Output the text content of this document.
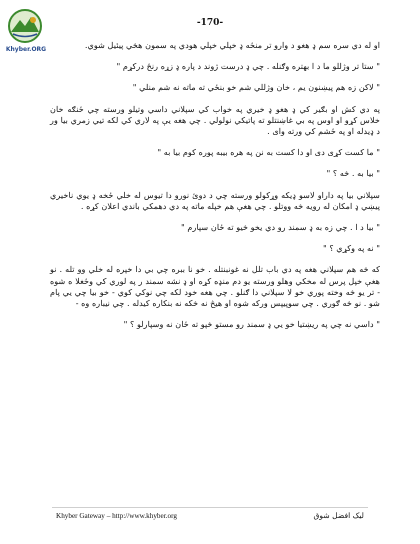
Khyber.ORG
-170-

او له دي سره سم ډ هغو د وارو تر منځه ډ خپلي خپلي هودي په سمون هڅي پيئيل شوي.

" ستا تر وژللو ما د ا بهتره وګنله . چي ډ درست ژوند د پاره ډ زړه رنځ درکړم "

" لاکن زه هم پيښنون يم ، خان وژللي شم خو بنځي ته ماته نه شم منلي "

په دي کش او بګير کي ډ هغو ډ خيري په خواب کي سپلاني داسي وتيلو ورسته چي ځنګه خان خلاس کړو او اوس په بي غاښنتلو ته پاتيکي نولولي . چي هغه يې په لاري کي لکه تيي زمري بيا ور د ډيدله او په ځشم کي ورته وای .

" ما کست کړی دی او دا کست به نن په هره بيبه پوره کوم بيا به "

" بيا به . څه ؟ "

سپلاني بيا په داراو لاسو ډيکه وړکولو ورسته چي د دوئ نورو دا تيوس له خلي ځخه ډ يوي ناخيري پيښي ډ امکان له رويه څه ووتلو . چي هغې هم خپله ماته په دي دهمکي باندي اعلان کړه .

" بيا د ا . چي زه به ډ سمند رو دي يخو څيو ته ځان سپارم "

" نه په وکړي ؟ "

که څه هم سپلاني هغه په دي باب تلل نه غونبنتله . خو نا ببره چي بي دا خپره له خلي وو تله . نو هغې خپل پرس له مخکي وهلو ورسته يو دم منډه کړه او ډ نشه سمند ر په لوري کي وځغلا ه شوه - تر يو څه وخته پوري خو لا سپلاني دا ګنلو . چي هغه خود لکه چي نوکي کوي - خو بيا چي يي پام شو . نو څه ګوري . چي سوپيپس ورکه شوه او هيڅ نه څکه نه بنکاره کيدله . چي نيباره وه -

" داسي نه چي په ريښتيا خو يي ډ سمند رو مستو څپو ته ځان نه وسپارلو ؟ "

Khyber Gateway – http://www.khyber.org	ليک افضل شوق
